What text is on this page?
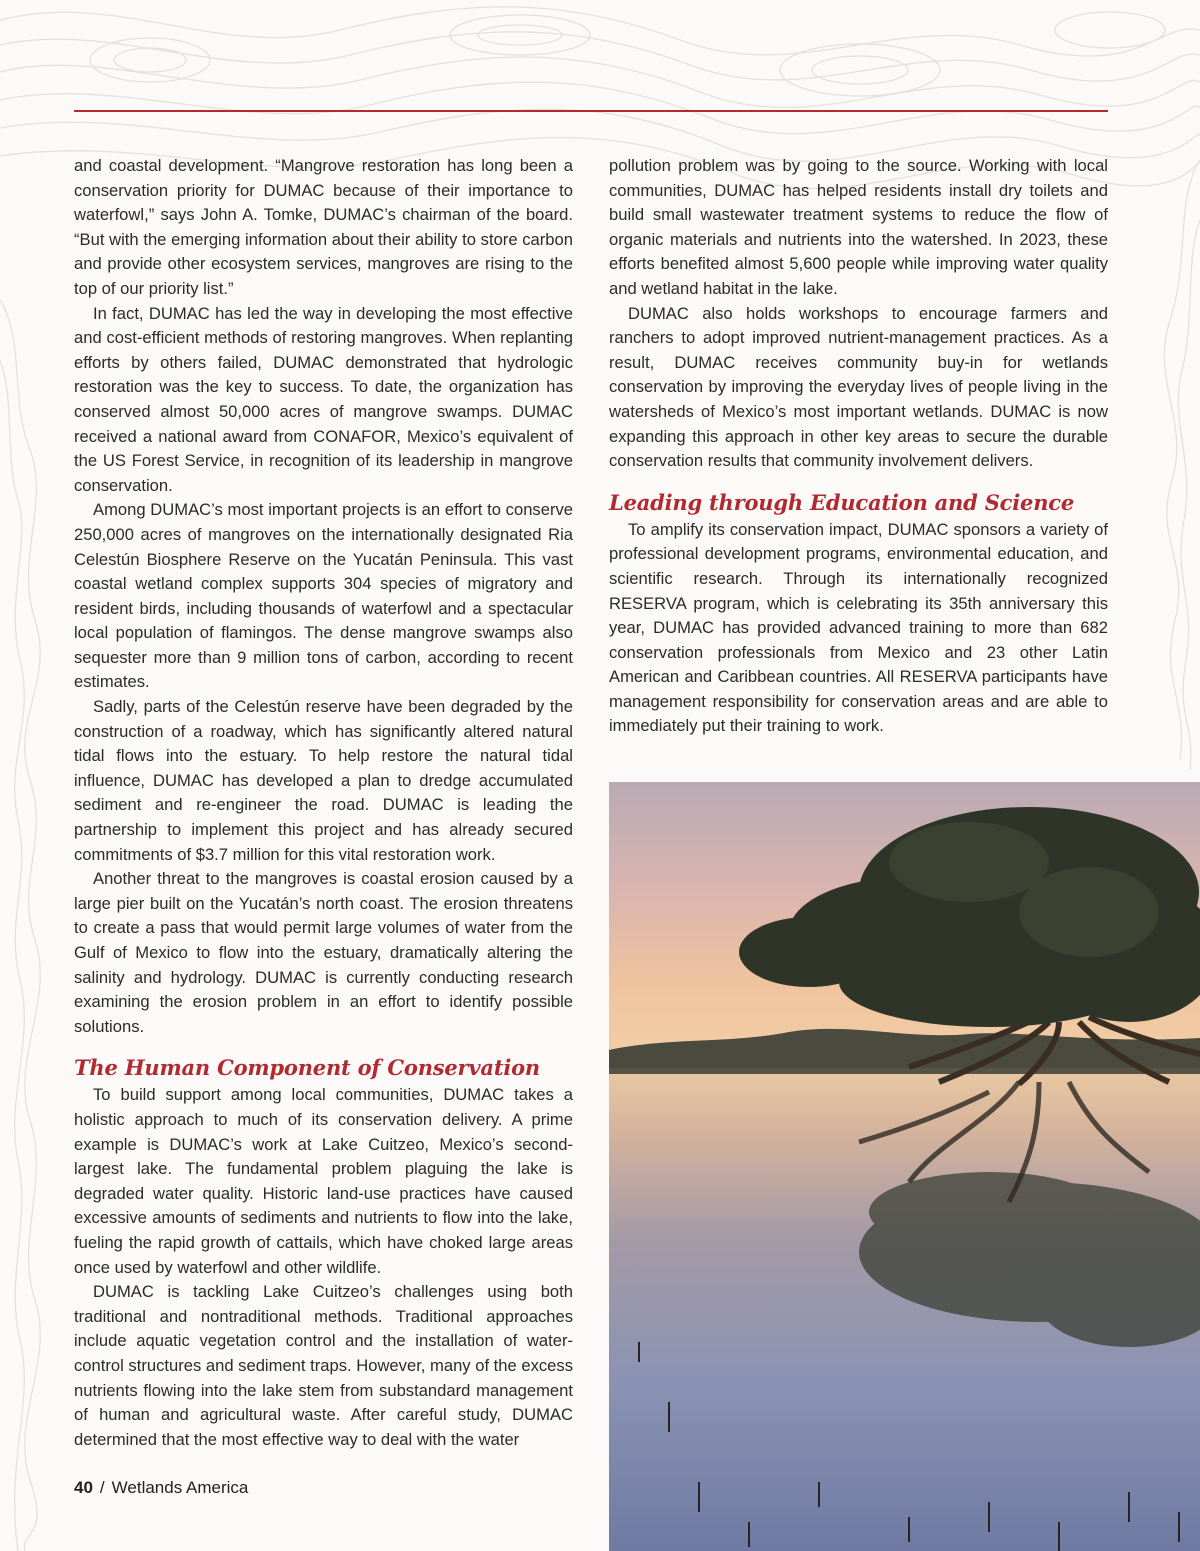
and coastal development. “Mangrove restoration has long been a conservation priority for DUMAC because of their importance to waterfowl,” says John A. Tomke, DUMAC’s chairman of the board. “But with the emerging information about their ability to store carbon and provide other ecosystem services, mangroves are rising to the top of our priority list.”

In fact, DUMAC has led the way in developing the most effective and cost-efficient methods of restoring mangroves. When replanting efforts by others failed, DUMAC demonstrated that hydrologic restoration was the key to success. To date, the organization has conserved almost 50,000 acres of mangrove swamps. DUMAC received a national award from CONAFOR, Mexico’s equivalent of the US Forest Service, in recognition of its leadership in mangrove conservation.

Among DUMAC’s most important projects is an effort to conserve 250,000 acres of mangroves on the internationally designated Ria Celestún Biosphere Reserve on the Yucatán Peninsula. This vast coastal wetland complex supports 304 species of migratory and resident birds, including thousands of waterfowl and a spectacular local population of flamingos. The dense mangrove swamps also sequester more than 9 million tons of carbon, according to recent estimates.

Sadly, parts of the Celestún reserve have been degraded by the construction of a roadway, which has significantly altered natural tidal flows into the estuary. To help restore the natural tidal influence, DUMAC has developed a plan to dredge accumulated sediment and re-engineer the road. DUMAC is leading the partnership to implement this project and has already secured commitments of $3.7 million for this vital restoration work.

Another threat to the mangroves is coastal erosion caused by a large pier built on the Yucatán’s north coast. The erosion threatens to create a pass that would permit large volumes of water from the Gulf of Mexico to flow into the estuary, dramatically altering the salinity and hydrology. DUMAC is currently conducting research examining the erosion problem in an effort to identify possible solutions.

The Human Component of Conservation

To build support among local communities, DUMAC takes a holistic approach to much of its conservation delivery. A prime example is DUMAC’s work at Lake Cuitzeo, Mexico’s second-largest lake. The fundamental problem plaguing the lake is degraded water quality. Historic land-use practices have caused excessive amounts of sediments and nutrients to flow into the lake, fueling the rapid growth of cattails, which have choked large areas once used by waterfowl and other wildlife.

DUMAC is tackling Lake Cuitzeo’s challenges using both traditional and nontraditional methods. Traditional approaches include aquatic vegetation control and the installation of water-control structures and sediment traps. However, many of the excess nutrients flowing into the lake stem from substandard management of human and agricultural waste. After careful study, DUMAC determined that the most effective way to deal with the water

pollution problem was by going to the source. Working with local communities, DUMAC has helped residents install dry toilets and build small wastewater treatment systems to reduce the flow of organic materials and nutrients into the watershed. In 2023, these efforts benefited almost 5,600 people while improving water quality and wetland habitat in the lake.

DUMAC also holds workshops to encourage farmers and ranchers to adopt improved nutrient-management practices. As a result, DUMAC receives community buy-in for wetlands conservation by improving the everyday lives of people living in the watersheds of Mexico’s most important wetlands. DUMAC is now expanding this approach in other key areas to secure the durable conservation results that community involvement delivers.

Leading through Education and Science

To amplify its conservation impact, DUMAC sponsors a variety of professional development programs, environmental education, and scientific research. Through its internationally recognized RESERVA program, which is celebrating its 35th anniversary this year, DUMAC has provided advanced training to more than 682 conservation professionals from Mexico and 23 other Latin American and Caribbean countries. All RESERVA participants have management responsibility for conservation areas and are able to immediately put their training to work.

40 / Wetlands America
